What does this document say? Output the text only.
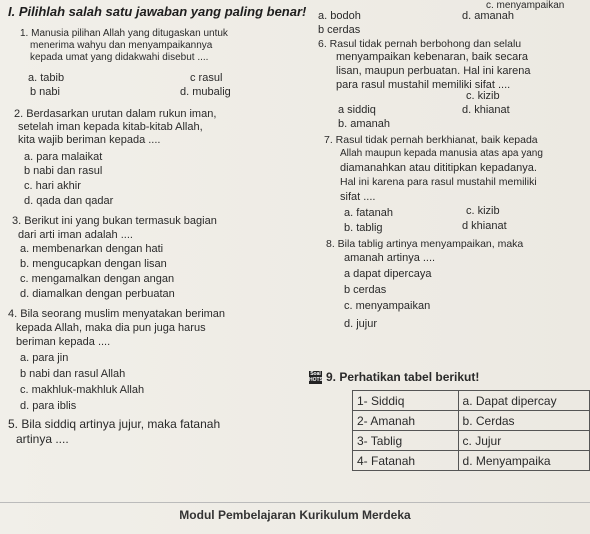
I. Pilihlah salah satu jawaban yang paling benar!
1. Manusia pilihan Allah yang ditugaskan untuk
menerima wahyu dan menyampaikannya
kepada umat yang didakwahi disebut ....
a. tabib	c rasul
b nabi	d. mubalig
2. Berdasarkan urutan dalam rukun iman,
setelah iman kepada kitab-kitab Allah,
kita wajib beriman kepada ....
a. para malaikat
b nabi dan rasul
c. hari akhir
d. qada dan qadar
3. Berikut ini yang bukan termasuk bagian
dari arti iman adalah ....
a. membenarkan dengan hati
b. mengucapkan dengan lisan
c. mengamalkan dengan angan
d. diamalkan dengan perbuatan
4. Bila seorang muslim menyatakan beriman
kepada Allah, maka dia pun juga harus
beriman kepada ....
a. para jin
b nabi dan rasul Allah
c. makhluk-makhluk Allah
d. para iblis
5. Bila siddiq artinya jujur, maka fatanah
artinya ....
c. menyampaikan
a. bodoh	d. amanah
b cerdas
6. Rasul tidak pernah berbohong dan selalu
menyampaikan kebenaran, baik secara
lisan, maupun perbuatan. Hal ini karena
para rasul mustahil memiliki sifat ....
c. kizib
a siddiq	d. khianat
b. amanah
7. Rasul tidak pernah berkhianat, baik kepada
Allah maupun kepada manusia atas apa yang
diamanahkan atau dititipkan kepadanya.
Hal ini karena para rasul mustahil memiliki
sifat ....
a. fatanah	c. kizib
b. tablig	d khianat
8. Bila tablig artinya menyampaikan, maka
amanah artinya ....
a dapat dipercaya
b cerdas
c. menyampaikan
d. jujur
Soal HOTS 9. Perhatikan tabel berikut!
1- Siddiq	a. Dapat dipercay
2- Amanah	b. Cerdas
3- Tablig	c. Jujur
4- Fatanah	d. Menyampaika
Modul Pembelajaran Kurikulum Merdeka
